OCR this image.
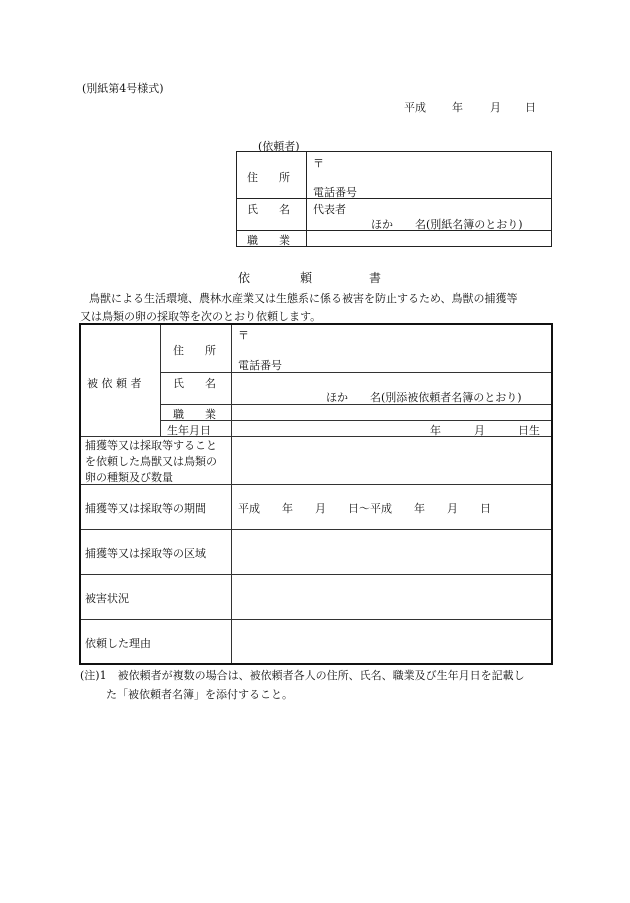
(別紙第4号様式)
平成 年 月 日
(依頼者)
住 所	〒
電話番号

氏 名	代表者
ほか　　名(別紙名簿のとおり)

職 業	

依	頼	書
鳥獣による生活環境、農林水産業又は生態系に係る被害を防止するため、鳥獣の捕獲等
又は鳥類の卵の採取等を次のとおり依頼します。
被 依 頼 者	住 所	〒
電話番号

	氏 名	ほか　　名(別添被依頼者名簿のとおり)

	職 業	

	生年月日	年　　　月　　　日生

捕獲等又は採取等すること
を依頼した鳥獣又は鳥類の
卵の種類及び数量		

捕獲等又は採取等の期間		平成　　年　　月　　日～平成　　年　　月　　日

捕獲等又は採取等の区域		

被害状況		

依頼した理由		

(注)1　被依頼者が複数の場合は、被依頼者各人の住所、氏名、職業及び生年月日を記載し
た「被依頼者名簿」を添付すること。
